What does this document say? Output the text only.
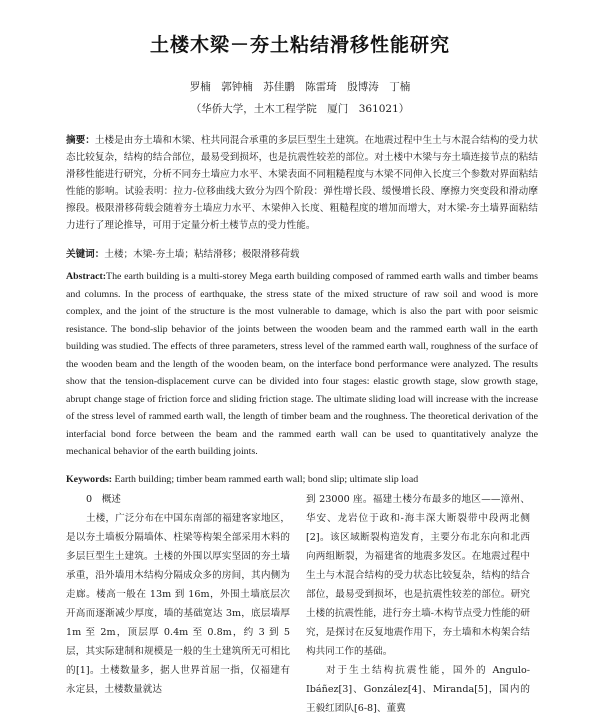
土楼木梁－夯土粘结滑移性能研究
罗楠　郭钟楠　苏佳鹏　陈雷琦　殷博涛　丁楠
（华侨大学，土木工程学院　厦门　361021）
摘要：土楼是由夯土墙和木梁、柱共同混合承重的多层巨型生土建筑。在地震过程中生土与木混合结构的受力状态比较复杂，结构的结合部位，最易受到损坏，也是抗震性较差的部位。对土楼中木梁与夯土墙连接节点的粘结滑移性能进行研究，分析不同夯土墙应力水平、木梁表面不同粗糙程度与木梁不同伸入长度三个参数对界面粘结性能的影响。试验表明：拉力-位移曲线大致分为四个阶段：弹性增长段、缓慢增长段、摩擦力突变段和滑动摩擦段。极限滑移荷载会随着夯土墙应力水平、木梁伸入长度、粗糙程度的增加而增大，对木梁-夯土墙界面粘结力进行了理论推导，可用于定量分析土楼节点的受力性能。
关键词：土楼；木梁-夯土墙；粘结滑移；极限滑移荷载
Abstract:The earth building is a multi-storey Mega earth building composed of rammed earth walls and timber beams and columns. In the process of earthquake, the stress state of the mixed structure of raw soil and wood is more complex, and the joint of the structure is the most vulnerable to damage, which is also the part with poor seismic resistance. The bond-slip behavior of the joints between the wooden beam and the rammed earth wall in the earth building was studied. The effects of three parameters, stress level of the rammed earth wall, roughness of the surface of the wooden beam and the length of the wooden beam, on the interface bond performance were analyzed. The results show that the tension-displacement curve can be divided into four stages: elastic growth stage, slow growth stage, abrupt change stage of friction force and sliding friction stage. The ultimate sliding load will increase with the increase of the stress level of rammed earth wall, the length of timber beam and the roughness. The theoretical derivation of the interfacial bond force between the beam and the rammed earth wall can be used to quantitatively analyze the mechanical behavior of the earth building joints.
Keywords: Earth building; timber beam rammed earth wall; bond slip; ultimate slip load
0　概述

土楼，广泛分布在中国东南部的福建客家地区，是以夯土墙板分隔墙体、柱梁等构架全部采用木料的多层巨型生土建筑。土楼的外围以厚实坚固的夯土墙承重，沿外墙用木结构分隔成众多的房间，其内侧为走廊。楼高一般在 13m 到 16m，外围土墙底层次开高而逐渐减少厚度，墙的基础宽达 3m，底层墙厚 1m 至 2m，顶层厚 0.4m 至 0.8m，约 3 到 5 层，其实际建制和规模是一般的生土建筑所无可相比的[1]。土楼数量多，据人世界首屈一指，仅福建有永定县，土楼数量就达

到 23000 座。福建土楼分布最多的地区——漳州、华安、龙岩位于政和-海丰深大断裂带中段两北侧[2]。该区域断裂构造发育，主要分布北东向和北西向两组断裂，为福建省的地震多发区。在地震过程中生土与木混合结构的受力状态比较复杂，结构的结合部位，最易受到损坏，也是抗震性较差的部位。研究土楼的抗震性能，进行夯土墙-木构节点受力性能的研究，是探讨在反复地震作用下，夯土墙和木构架合结构共同工作的基础。

对于生土结构抗震性能，国外的 Angulo-Ibáñez[3]、González[4]、Miranda[5]，国内的王毅红团队[6-8]、董冀
